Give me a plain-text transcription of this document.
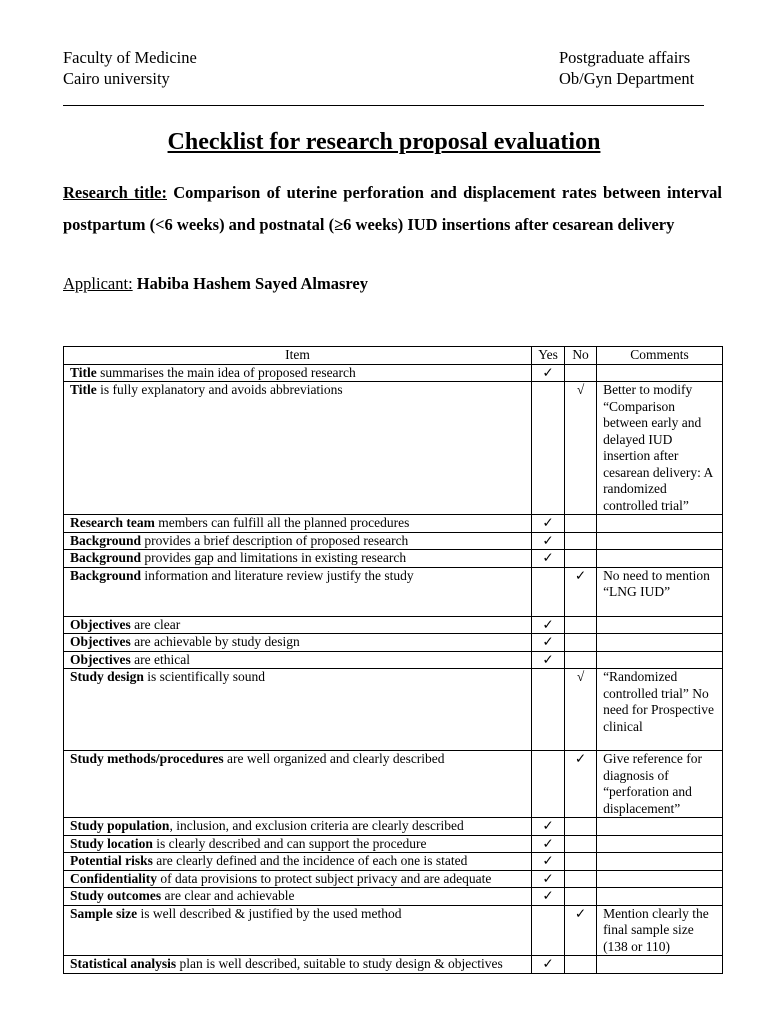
Faculty of Medicine
Cairo university
Postgraduate affairs
Ob/Gyn Department
Checklist for research proposal evaluation
Research title: Comparison of uterine perforation and displacement rates between interval postpartum (<6 weeks) and postnatal (≥6 weeks) IUD insertions after cesarean delivery
Applicant: Habiba Hashem Sayed Almasrey
Item	Yes	No	Comments
Title summarises the main idea of proposed research	✓		
Title is fully explanatory and avoids abbreviations		√	Better to modify “Comparison between early and delayed IUD insertion after cesarean delivery: A randomized controlled trial”
Research team members can fulfill all the planned procedures	✓		
Background provides a brief description of proposed research	✓		
Background provides gap and limitations in existing research	✓		
Background information and literature review justify the study		✓	No need to mention “LNG IUD”
Objectives are clear	✓		
Objectives are achievable by study design	✓		
Objectives are ethical	✓		
Study design is scientifically sound		√	“Randomized controlled trial” No need for Prospective clinical
Study methods/procedures are well organized and clearly described		✓	Give reference for diagnosis of “perforation and displacement”
Study population, inclusion, and exclusion criteria are clearly described	✓		
Study location is clearly described and can support the procedure	✓		
Potential risks are clearly defined and the incidence of each one is stated	✓		
Confidentiality of data provisions to protect subject privacy and are adequate	✓		
Study outcomes are clear and achievable	✓		
Sample size is well described & justified by the used method		✓	Mention clearly the final sample size (138 or 110)
Statistical analysis plan is well described, suitable to study design & objectives	✓		
